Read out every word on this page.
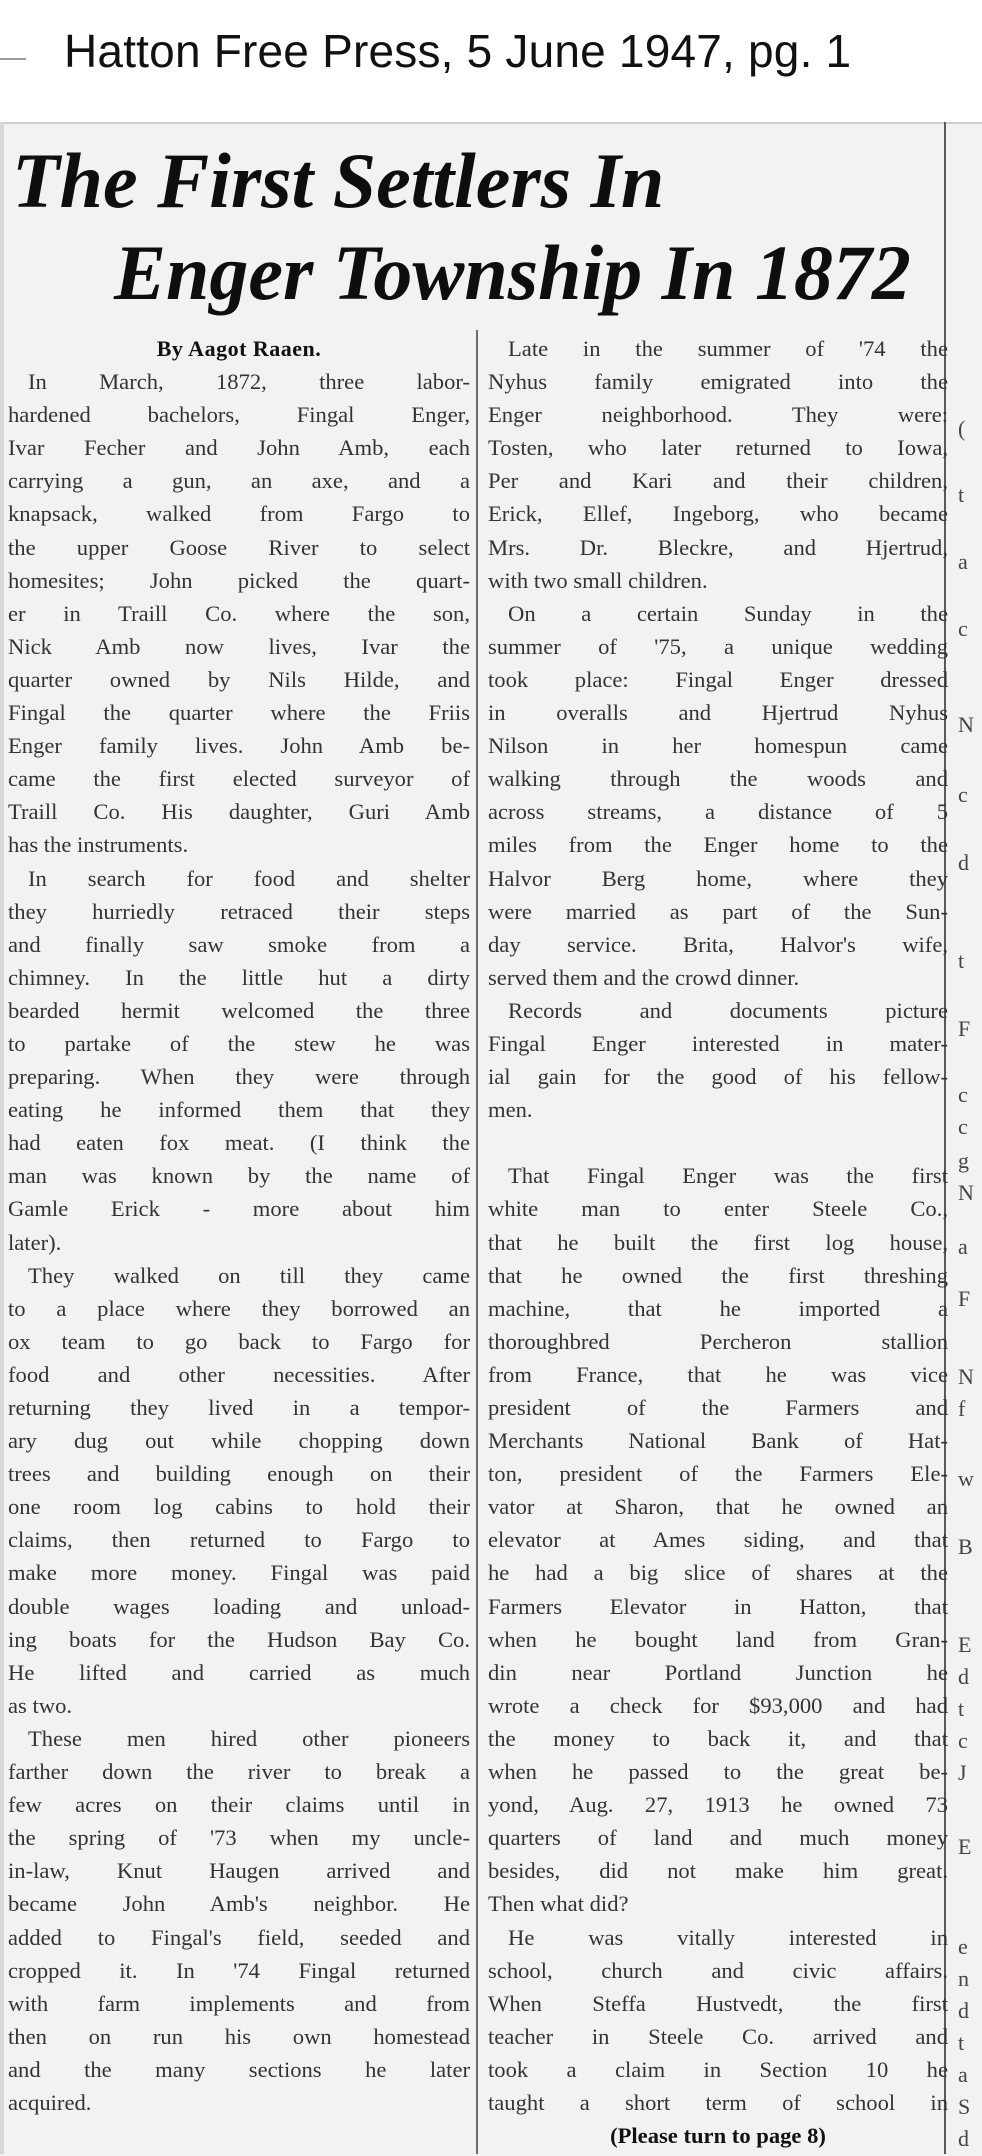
Hatton Free Press, 5 June 1947, pg. 1
The First Settlers In
Enger Township In 1872
By Aagot Raaen.
In March, 1872, three labor-
hardened bachelors, Fingal Enger,
Ivar Fecher and John Amb, each
carrying a gun, an axe, and a
knapsack, walked from Fargo to
the upper Goose River to select
homesites; John picked the quart-
er in Traill Co. where the son,
Nick Amb now lives, Ivar the
quarter owned by Nils Hilde, and
Fingal the quarter where the Friis
Enger family lives. John Amb be-
came the first elected surveyor of
Traill Co. His daughter, Guri Amb
has the instruments.
In search for food and shelter
they hurriedly retraced their steps
and finally saw smoke from a
chimney. In the little hut a dirty
bearded hermit welcomed the three
to partake of the stew he was
preparing. When they were through
eating he informed them that they
had eaten fox meat. (I think the
man was known by the name of
Gamle Erick - more about him
later).
They walked on till they came
to a place where they borrowed an
ox team to go back to Fargo for
food and other necessities. After
returning they lived in a tempor-
ary dug out while chopping down
trees and building enough on their
one room log cabins to hold their
claims, then returned to Fargo to
make more money. Fingal was paid
double wages loading and unload-
ing boats for the Hudson Bay Co.
He lifted and carried as much
as two.
These men hired other pioneers
farther down the river to break a
few acres on their claims until in
the spring of '73 when my uncle-
in-law, Knut Haugen arrived and
became John Amb's neighbor. He
added to Fingal's field, seeded and
cropped it. In '74 Fingal returned
with farm implements and from
then on run his own homestead
and the many sections he later
acquired.
Late in the summer of '74 the
Nyhus family emigrated into the
Enger neighborhood. They were:
Tosten, who later returned to Iowa,
Per and Kari and their children,
Erick, Ellef, Ingeborg, who became
Mrs. Dr. Bleckre, and Hjertrud,
with two small children.
On a certain Sunday in the
summer of '75, a unique wedding
took place: Fingal Enger dressed
in overalls and Hjertrud Nyhus
Nilson in her homespun came
walking through the woods and
across streams, a distance of 5
miles from the Enger home to the
Halvor Berg home, where they
were married as part of the Sun-
day service. Brita, Halvor's wife,
served them and the crowd dinner.
Records and documents picture
Fingal Enger interested in mater-
ial gain for the good of his fellow-
men.

That Fingal Enger was the first
white man to enter Steele Co.,
that he built the first log house,
that he owned the first threshing
machine, that he imported a
thoroughbred Percheron stallion
from France, that he was vice
president of the Farmers and
Merchants National Bank of Hat-
ton, president of the Farmers Ele-
vator at Sharon, that he owned an
elevator at Ames siding, and that
he had a big slice of shares at the
Farmers Elevator in Hatton, that
when he bought land from Gran-
din near Portland Junction he
wrote a check for $93,000 and had
the money to back it, and that
when he passed to the great be-
yond, Aug. 27, 1913 he owned 73
quarters of land and much money
besides, did not make him great.
Then what did?
He was vitally interested in
school, church and civic affairs.
When Steffa Hustvedt, the first
teacher in Steele Co. arrived and
took a claim in Section 10 he
taught a short term of school in
(Please turn to page 8)
(
t
a
c
N
c
d
t
F
c
c
g
N
a
F
N
f
w
B
E
d
t
c
J
E
e
n
d
t
a
S
d
